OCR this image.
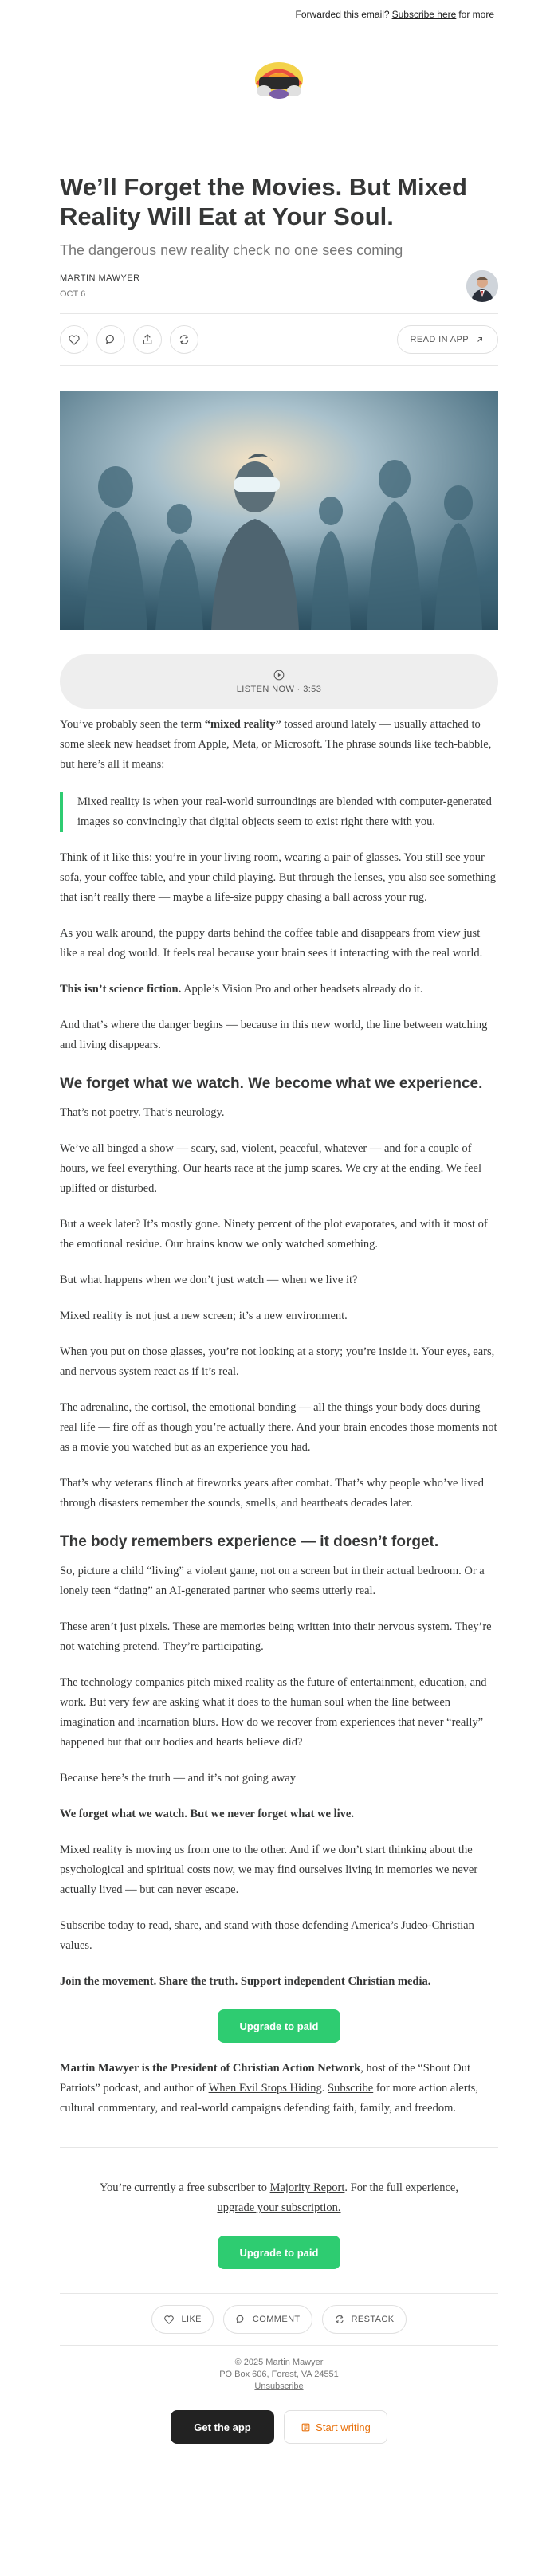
Forwarded this email? Subscribe here for more
We’ll Forget the Movies. But Mixed Reality Will Eat at Your Soul.
The dangerous new reality check no one sees coming
MARTIN MAWYER
OCT 6
READ IN APP
LISTEN NOW · 3:53

You’ve probably seen the term “mixed reality” tossed around lately — usually attached to some sleek new headset from Apple, Meta, or Microsoft. The phrase sounds like tech-babble, but here’s all it means:

Mixed reality is when your real-world surroundings are blended with computer-generated images so convincingly that digital objects seem to exist right there with you.

Think of it like this: you’re in your living room, wearing a pair of glasses. You still see your sofa, your coffee table, and your child playing. But through the lenses, you also see something that isn’t really there — maybe a life-size puppy chasing a ball across your rug.

As you walk around, the puppy darts behind the coffee table and disappears from view just like a real dog would. It feels real because your brain sees it interacting with the real world.

This isn’t science fiction. Apple’s Vision Pro and other headsets already do it.

And that’s where the danger begins — because in this new world, the line between watching and living disappears.

We forget what we watch. We become what we experience.

That’s not poetry. That’s neurology.

We’ve all binged a show — scary, sad, violent, peaceful, whatever — and for a couple of hours, we feel everything. Our hearts race at the jump scares. We cry at the ending. We feel uplifted or disturbed.

But a week later? It’s mostly gone. Ninety percent of the plot evaporates, and with it most of the emotional residue. Our brains know we only watched something.

But what happens when we don’t just watch — when we live it?

Mixed reality is not just a new screen; it’s a new environment.

When you put on those glasses, you’re not looking at a story; you’re inside it. Your eyes, ears, and nervous system react as if it’s real.

The adrenaline, the cortisol, the emotional bonding — all the things your body does during real life — fire off as though you’re actually there. And your brain encodes those moments not as a movie you watched but as an experience you had.

That’s why veterans flinch at fireworks years after combat. That’s why people who’ve lived through disasters remember the sounds, smells, and heartbeats decades later.

The body remembers experience — it doesn’t forget.

So, picture a child “living” a violent game, not on a screen but in their actual bedroom. Or a lonely teen “dating” an AI-generated partner who seems utterly real.

These aren’t just pixels. These are memories being written into their nervous system. They’re not watching pretend. They’re participating.

The technology companies pitch mixed reality as the future of entertainment, education, and work. But very few are asking what it does to the human soul when the line between imagination and incarnation blurs. How do we recover from experiences that never “really” happened but that our bodies and hearts believe did?

Because here’s the truth — and it’s not going away

We forget what we watch. But we never forget what we live.

Mixed reality is moving us from one to the other. And if we don’t start thinking about the psychological and spiritual costs now, we may find ourselves living in memories we never actually lived — but can never escape.

Subscribe today to read, share, and stand with those defending America’s Judeo-Christian values.

Join the movement. Share the truth. Support independent Christian media.

Upgrade to paid

Martin Mawyer is the President of Christian Action Network, host of the “Shout Out Patriots” podcast, and author of When Evil Stops Hiding. Subscribe for more action alerts, cultural commentary, and real-world campaigns defending faith, family, and freedom.

You’re currently a free subscriber to Majority Report. For the full experience,
upgrade your subscription.
Upgrade to paid
LIKE	COMMENT	RESTACK
© 2025 Martin Mawyer
PO Box 606, Forest, VA 24551
Unsubscribe
Get the app	Start writing
